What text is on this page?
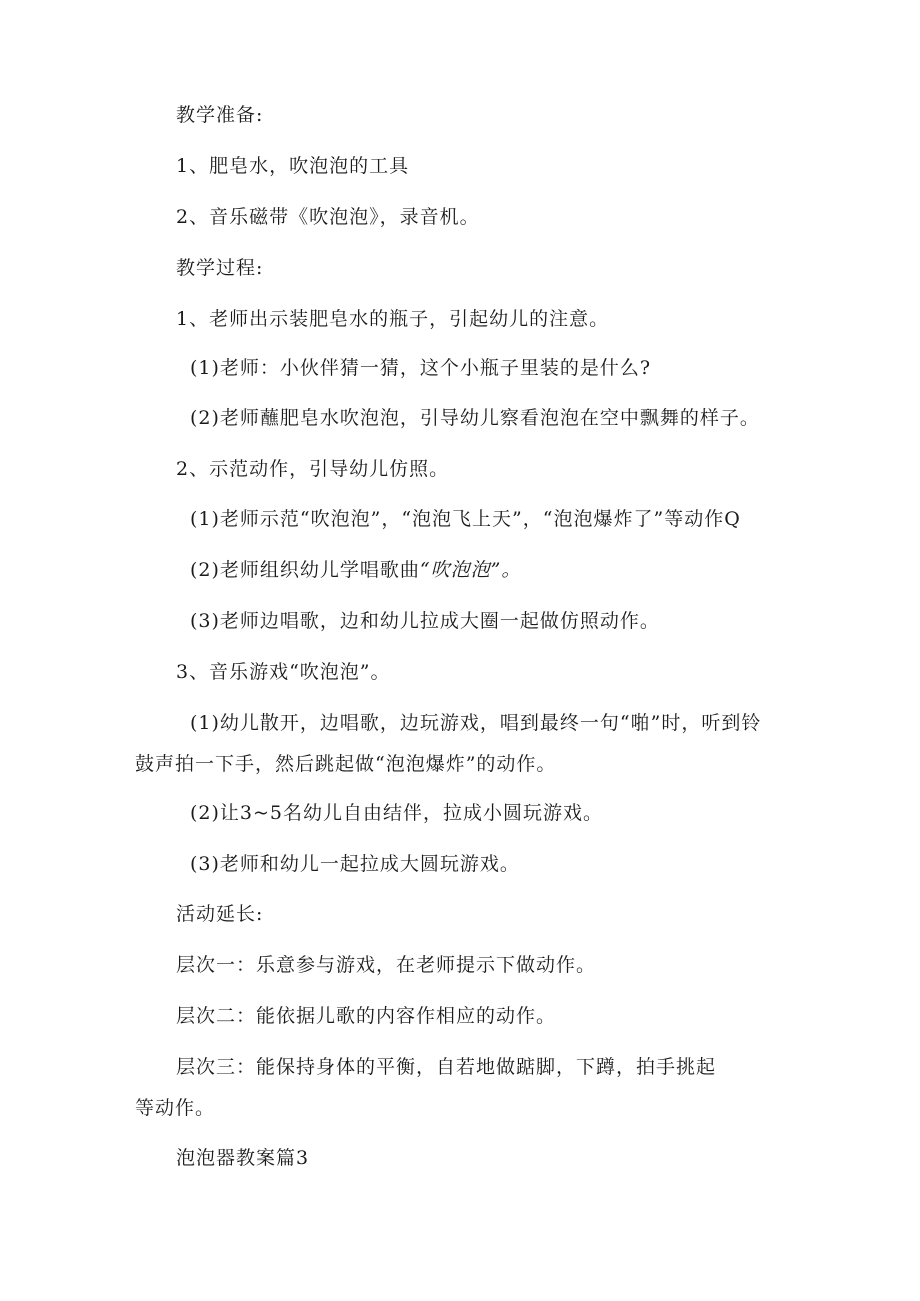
教学准备:
1、肥皂水，吹泡泡的工具
2、音乐磁带《吹泡泡》，录音机。
教学过程:
1、老师出示装肥皂水的瓶子，引起幼儿的注意。
(1)老师：小伙伴猜一猜，这个小瓶子里装的是什么?
(2)老师蘸肥皂水吹泡泡，引导幼儿察看泡泡在空中飘舞的样子。
2、示范动作，引导幼儿仿照。
(1)老师示范“吹泡泡”，“泡泡飞上天”，“泡泡爆炸了”等动作Q
(2)老师组织幼儿学唱歌曲“吹泡泡”。
(3)老师边唱歌，边和幼儿拉成大圈一起做仿照动作。
3、音乐游戏“吹泡泡”。
(1)幼儿散开，边唱歌，边玩游戏，唱到最终一句“啪”时，听到铃
鼓声拍一下手，然后跳起做“泡泡爆炸”的动作。
(2)让3~5名幼儿自由结伴，拉成小圆玩游戏。
(3)老师和幼儿一起拉成大圆玩游戏。
活动延长:
层次一：乐意参与游戏，在老师提示下做动作。
层次二：能依据儿歌的内容作相应的动作。
层次三：能保持身体的平衡，自若地做踮脚，下蹲，拍手挑起
等动作。
泡泡器教案篇3
